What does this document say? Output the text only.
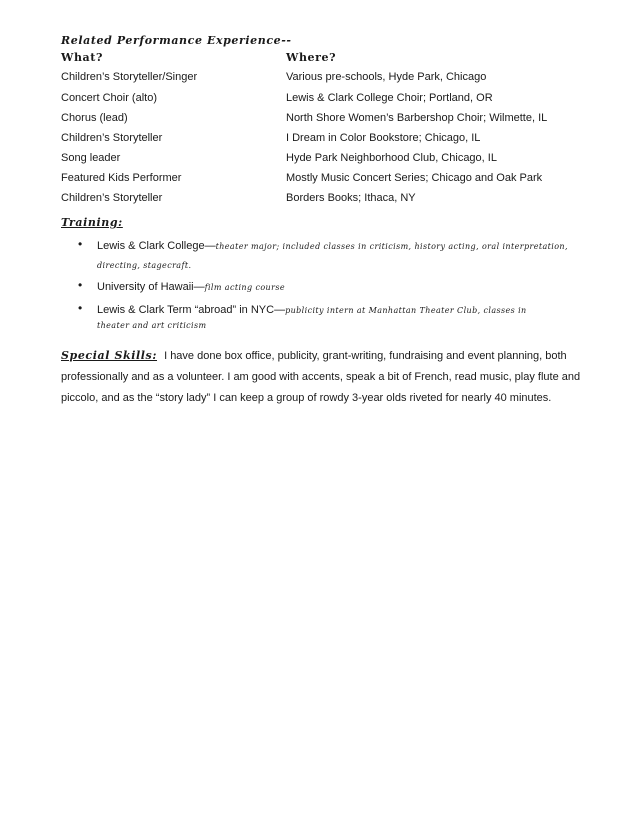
Related Performance Experience--
What?	Where?
Children’s Storyteller/Singer	Various pre-schools, Hyde Park, Chicago
Concert Choir (alto)	Lewis & Clark College Choir; Portland, OR
Chorus (lead)	North Shore Women’s Barbershop Choir; Wilmette, IL
Children’s Storyteller	I Dream in Color Bookstore; Chicago, IL
Song leader	Hyde Park Neighborhood Club, Chicago, IL
Featured Kids Performer	Mostly Music Concert Series; Chicago and Oak Park
Children’s Storyteller	Borders Books; Ithaca, NY
Training:
• Lewis & Clark College—theater major; included classes in criticism, history acting, oral interpretation,
directing, stagecraft.
• University of Hawaii—film acting course
• Lewis & Clark Term “abroad” in NYC—publicity intern at Manhattan Theater Club, classes in
theater and art criticism
Special Skills: I have done box office, publicity, grant-writing, fundraising and event planning, both professionally and as a volunteer. I am good with accents, speak a bit of French, read music, play flute and piccolo, and as the “story lady” I can keep a group of rowdy 3-year olds riveted for nearly 40 minutes.
